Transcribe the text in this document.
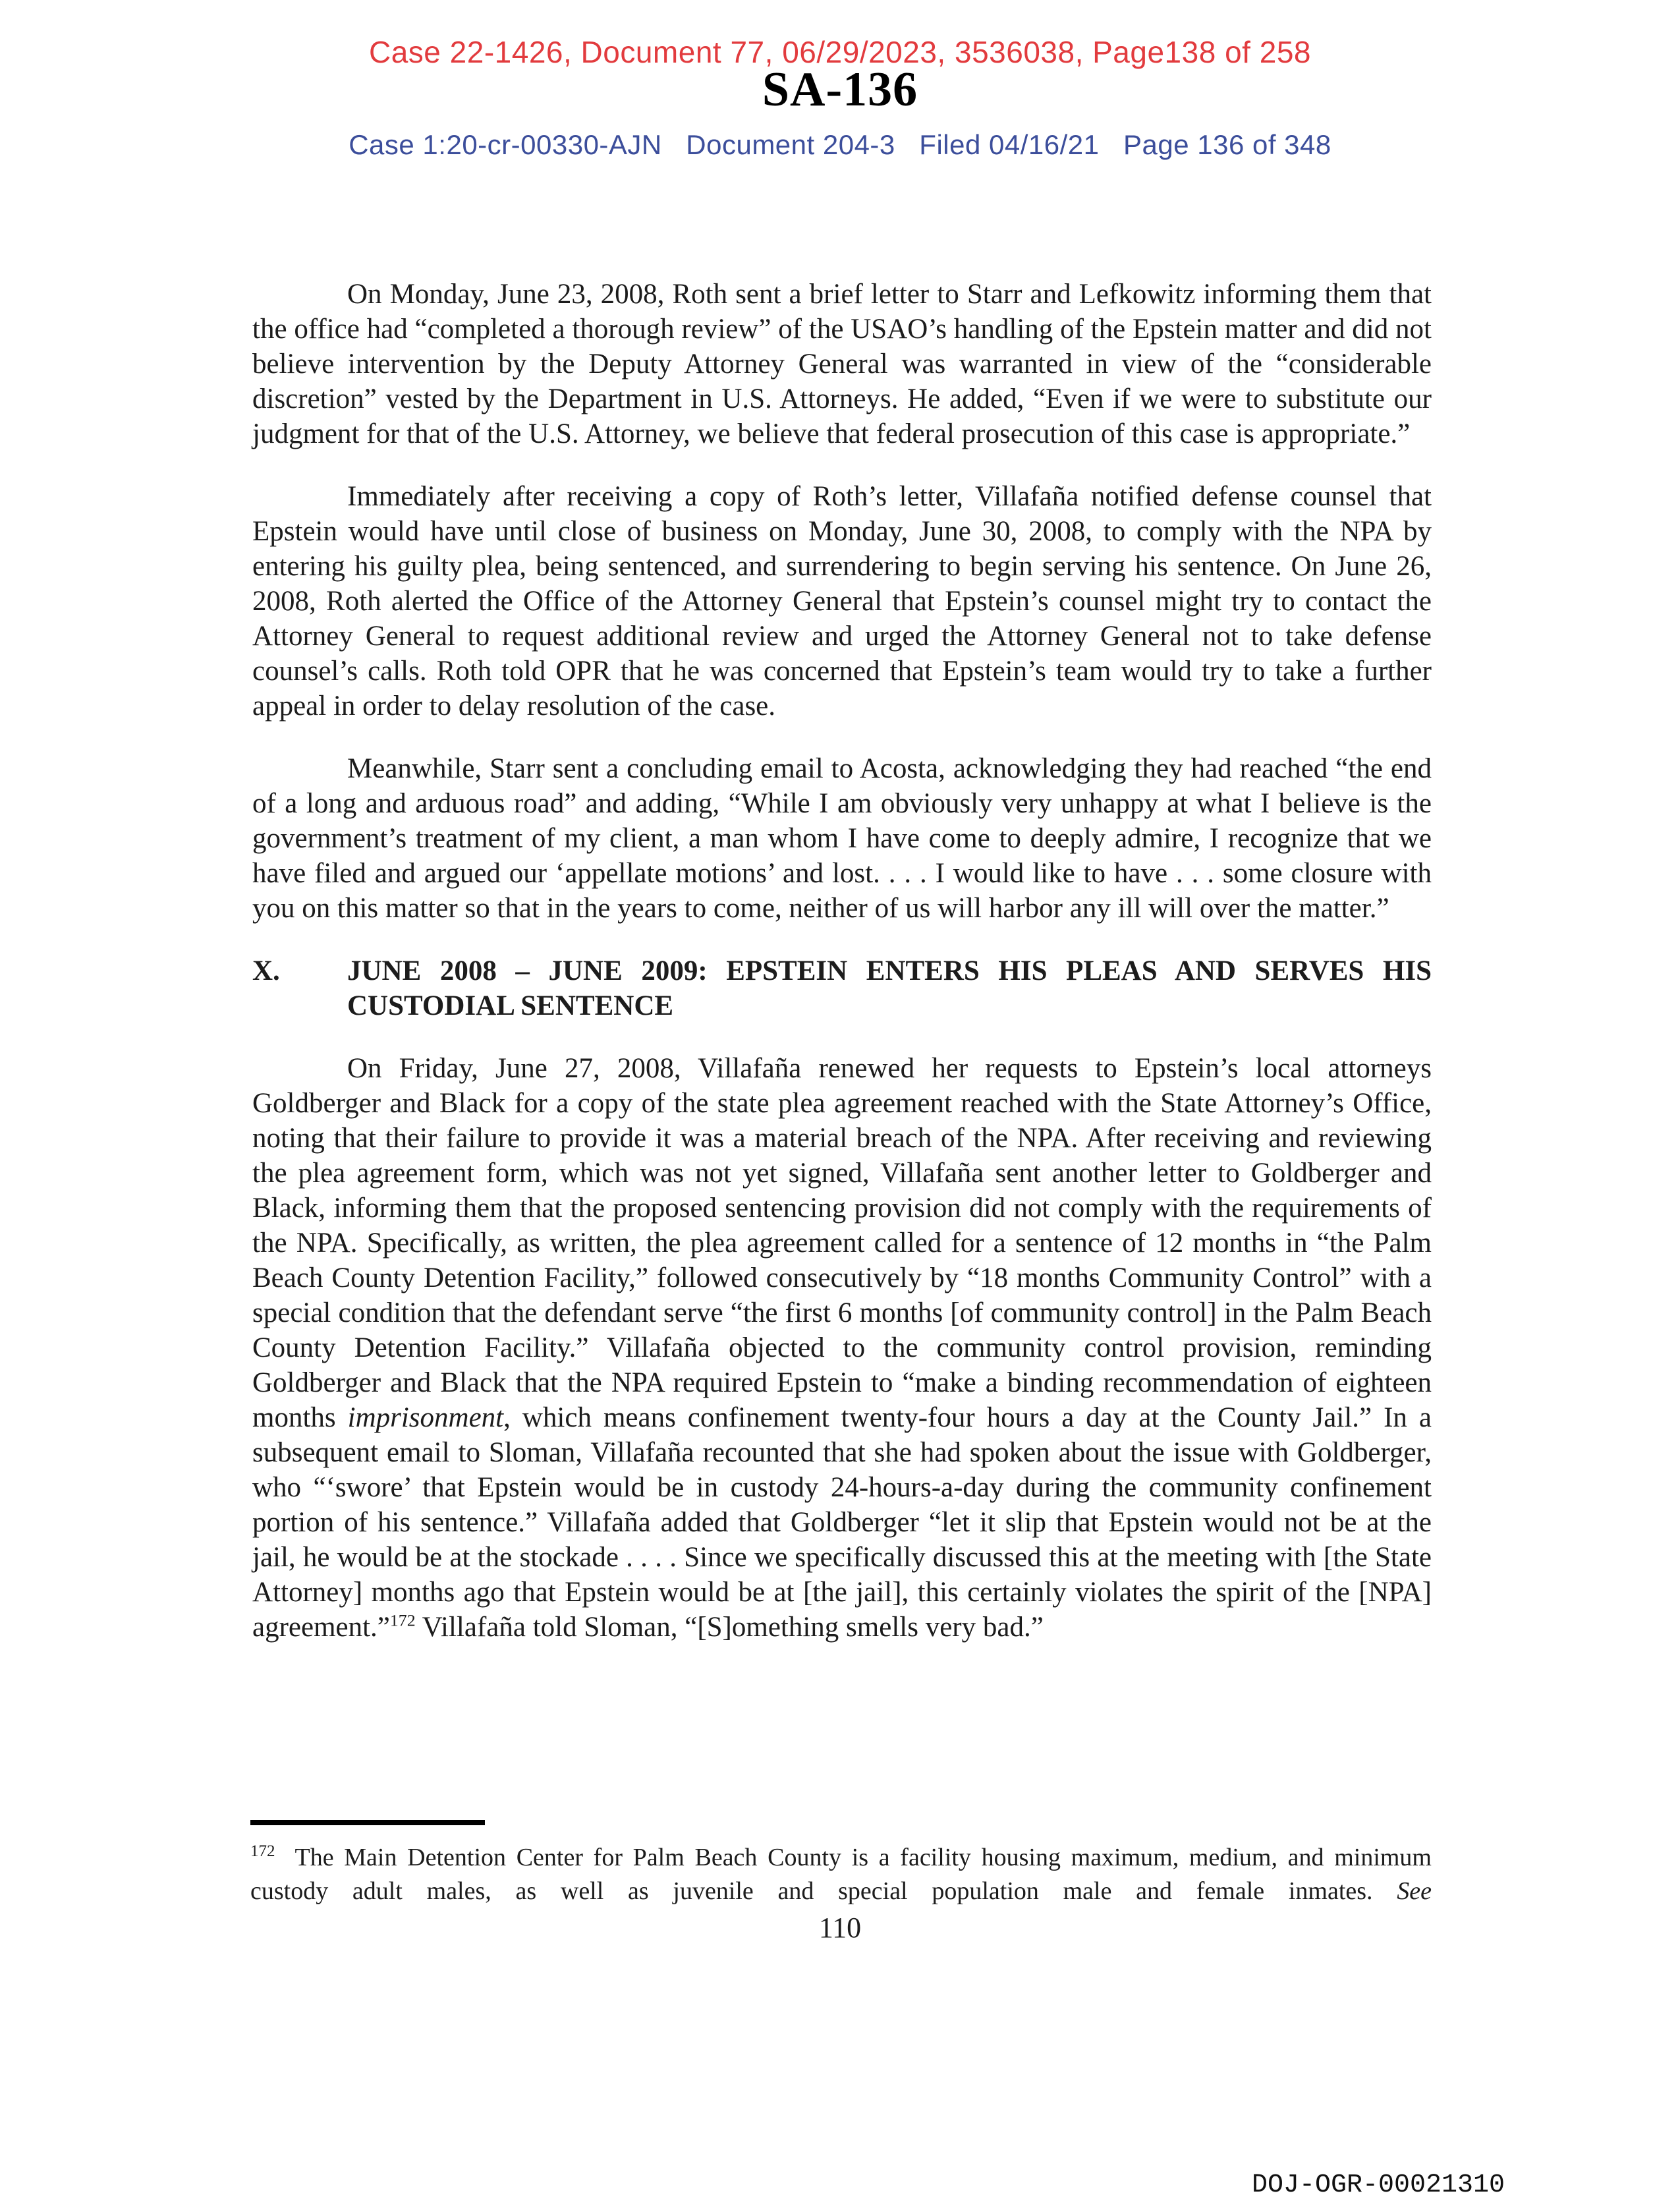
Case 22-1426, Document 77, 06/29/2023, 3536038, Page138 of 258
SA-136
Case 1:20-cr-00330-AJN   Document 204-3   Filed 04/16/21   Page 136 of 348

On Monday, June 23, 2008, Roth sent a brief letter to Starr and Lefkowitz informing them that the office had “completed a thorough review” of the USAO’s handling of the Epstein matter and did not believe intervention by the Deputy Attorney General was warranted in view of the “considerable discretion” vested by the Department in U.S. Attorneys. He added, “Even if we were to substitute our judgment for that of the U.S. Attorney, we believe that federal prosecution of this case is appropriate.”

Immediately after receiving a copy of Roth’s letter, Villafaña notified defense counsel that Epstein would have until close of business on Monday, June 30, 2008, to comply with the NPA by entering his guilty plea, being sentenced, and surrendering to begin serving his sentence. On June 26, 2008, Roth alerted the Office of the Attorney General that Epstein’s counsel might try to contact the Attorney General to request additional review and urged the Attorney General not to take defense counsel’s calls. Roth told OPR that he was concerned that Epstein’s team would try to take a further appeal in order to delay resolution of the case.

Meanwhile, Starr sent a concluding email to Acosta, acknowledging they had reached “the end of a long and arduous road” and adding, “While I am obviously very unhappy at what I believe is the government’s treatment of my client, a man whom I have come to deeply admire, I recognize that we have filed and argued our ‘appellate motions’ and lost. . . . I would like to have . . . some closure with you on this matter so that in the years to come, neither of us will harbor any ill will over the matter.”

X.	JUNE 2008 – JUNE 2009: EPSTEIN ENTERS HIS PLEAS AND SERVES HIS
CUSTODIAL SENTENCE

On Friday, June 27, 2008, Villafaña renewed her requests to Epstein’s local attorneys Goldberger and Black for a copy of the state plea agreement reached with the State Attorney’s Office, noting that their failure to provide it was a material breach of the NPA. After receiving and reviewing the plea agreement form, which was not yet signed, Villafaña sent another letter to Goldberger and Black, informing them that the proposed sentencing provision did not comply with the requirements of the NPA. Specifically, as written, the plea agreement called for a sentence of 12 months in “the Palm Beach County Detention Facility,” followed consecutively by “18 months Community Control” with a special condition that the defendant serve “the first 6 months [of community control] in the Palm Beach County Detention Facility.” Villafaña objected to the community control provision, reminding Goldberger and Black that the NPA required Epstein to “make a binding recommendation of eighteen months imprisonment, which means confinement twenty-four hours a day at the County Jail.” In a subsequent email to Sloman, Villafaña recounted that she had spoken about the issue with Goldberger, who “‘swore’ that Epstein would be in custody 24-hours-a-day during the community confinement portion of his sentence.” Villafaña added that Goldberger “let it slip that Epstein would not be at the jail, he would be at the stockade . . . . Since we specifically discussed this at the meeting with [the State Attorney] months ago that Epstein would be at [the jail], this certainly violates the spirit of the [NPA] agreement.”$^{172}$ Villafaña told Sloman, “[S]omething smells very bad.”

$^{172}$ The Main Detention Center for Palm Beach County is a facility housing maximum, medium, and minimum custody adult males, as well as juvenile and special population male and female inmates. See

110
DOJ-OGR-00021310
